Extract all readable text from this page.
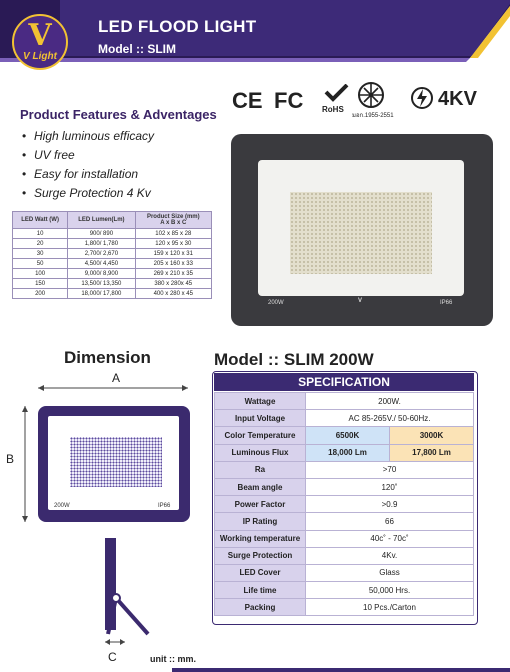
V
V Light
LED FLOOD LIGHT
Model :: SLIM
CE FC RoHS
มอก.1955-2551
4KV
Product Features & Adventages
• High luminous efficacy
• UV free
• Easy for installation
• Surge Protection 4 Kv
LED Watt (W)	LED Lumen(Lm)	Product Size (mm)
A x B x C
10	900/ 890	102 x 85 x 28
20	1,800/ 1,780	120 x 95 x 30
30	2,700/ 2,670	159 x 120 x 31
50	4,500/ 4,450	205 x 160 x 33
100	9,000/ 8,900	269 x 210 x 35
150	13,500/ 13,350	380 x 280x 45
200	18,000/ 17,800	400 x 280 x 45
200W	V	IP66
Dimension
A
B
C
200W	IP66
unit :: mm.
Model :: SLIM 200W
SPECIFICATION
Wattage	200W.	
Input Voltage	AC 85-265V./ 50-60Hz.	
Color Temperature	6500K	3000K
Luminous Flux	18,000 Lm	17,800 Lm
Ra	>70	
Beam angle	120˚	
Power Factor	>0.9	
IP Rating	66	
Working temperature	40c˚ - 70c˚	
Surge Protection	4Kv.	
LED Cover	Glass	
Life time	50,000 Hrs.	
Packing	10 Pcs./Carton	
